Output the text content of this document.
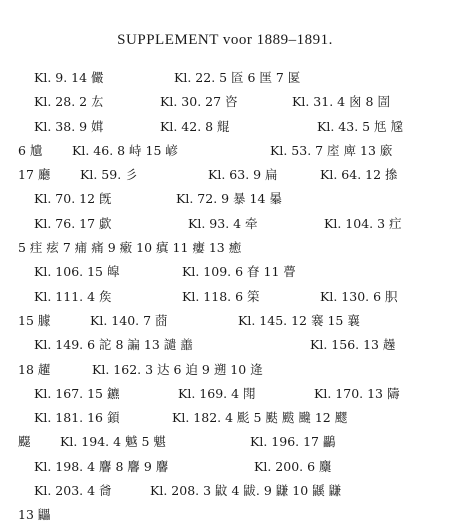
SUPPLEMENT voor 1889–1891.
Kl. 9. 14 儼	Kl. 22. 5 匼 6 匩 7 匽
Kl. 28. 2 厷	Kl. 30. 27 咨	Kl. 31. 4 囪 8 圁
Kl. 38. 9 媶	Kl. 42. 8 尡	Kl. 43. 5 尪 尮
6 尵 Kl. 46. 8 峙 15 嵃	Kl. 53. 7 庢 庳 13 廞
17 廳 Kl. 59. 彡	Kl. 63. 9 扁	Kl. 64. 12 撡
Kl. 70. 12 旣	Kl. 72. 9 暴 14 曓
Kl. 76. 17 歔	Kl. 93. 4 牵	Kl. 104. 3 疘
5 疰 痃 7 痡 痛 9 瘷 10 瘨 11 瘻 13 癒
Kl. 106. 15 皡	Kl. 109. 6 眘 11 瞢
Kl. 111. 4 矦	Kl. 118. 6 筞	Kl. 130. 6 胑
15 臄	Kl. 140. 7 莔	Kl. 145. 12 褰 15 襄
Kl. 149. 6 詑 8 諞 13 譴 譱	Kl. 156. 13 趮
18 趯	Kl. 162. 3 达 6 迫 9 遡 10 逄
Kl. 167. 15 鑣	Kl. 169. 4 閗	Kl. 170. 13 隯
Kl. 181. 16 顉	Kl. 182. 4 颩 5 颫 颰 颹 12 飂
飋 Kl. 194. 4 魆 5 魌	Kl. 196. 17 鸓
Kl. 198. 4 麘 8 麘 9 麘	Kl. 200. 6 麜
Kl. 203. 4 㸗	Kl. 208. 3 鼤 4 鼥. 9 鼸 10 鼷 鼸
13 鼺
